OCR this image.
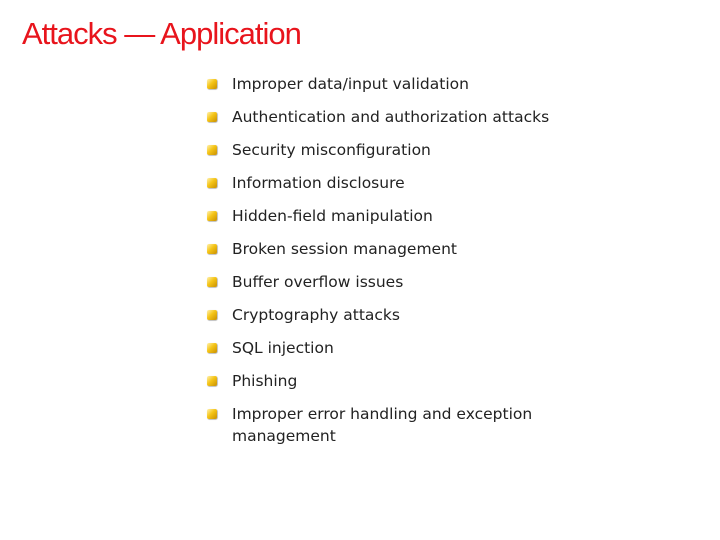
Attacks — Application
Improper data/input validation
Authentication and authorization attacks
Security misconfiguration
Information disclosure
Hidden-field manipulation
Broken session management
Buffer overflow issues
Cryptography attacks
SQL injection
Phishing
Improper error handling and exception management
